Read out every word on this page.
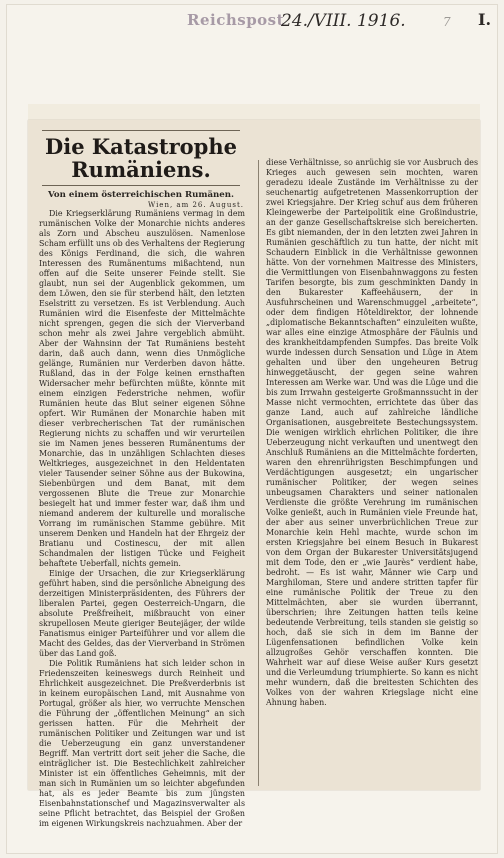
Reichspost
24./VIII. 1916.	7 I.

Die Katastrophe

Rumäniens.

Von einem österreichischen Rumänen.

Wien, am 26. August.

Die Kriegserklärung Rumäniens vermag in dem rumänischen Volke der Monarchie nichts anderes als Zorn und Abscheu auszulösen. Namenlose Scham erfüllt uns ob des Verhaltens der Regierung des Königs Ferdinand, die sich, die wahren Interessen des Rumänentums mißachtend, nun offen auf die Seite unserer Feinde stellt. Sie glaubt, nun sei der Augenblick gekommen, um dem Löwen, den sie für sterbend hält, den letzten Eselstritt zu versetzen. Es ist Verblendung. Auch Rumänien wird die Eisenfeste der Mittelmächte nicht sprengen, gegen die sich der Vierverband schon mehr als zwei Jahre vergeblich abmüht. Aber der Wahnsinn der Tat Rumäniens besteht darin, daß auch dann, wenn dies Unmögliche gelänge, Rumänien nur Verderben davon hätte. Rußland, das in der Folge keinen ernsthaften Widersacher mehr befürchten müßte, könnte mit einem einzigen Federstriche nehmen, wofür Rumänien heute das Blut seiner eigenen Söhne opfert. Wir Rumänen der Monarchie haben mit dieser verbrecherischen Tat der rumänischen Regierung nichts zu schaffen und wir verurteilen sie im Namen jenes besseren Rumänentums der Monarchie, das in unzähligen Schlachten dieses Weltkrieges, ausgezeichnet in den Heldentaten vieler Tausender seiner Söhne aus der Bukowina, Siebenbürgen und dem Banat, mit dem vergossenen Blute die Treue zur Monarchie besiegelt hat und immer fester war, daß ihm und niemand anderem der kulturelle und moralische Vorrang im rumänischen Stamme gebühre. Mit unserem Denken und Handeln hat der Ehrgeiz der Bratianu und Costinescu, der mit allen Schandmalen der listigen Tücke und Feigheit behaftete Ueberfall, nichts gemein.

Einige der Ursachen, die zur Kriegserklärung geführt haben, sind die persönliche Abneigung des derzeitigen Ministerpräsidenten, des Führers der liberalen Partei, gegen Oesterreich-Ungarn, die absolute Preßfreiheit, mißbraucht von einer skrupellosen Meute gieriger Beutejäger, der wilde Fanatismus einiger Parteiführer und vor allem die Macht des Geldes, das der Vierverband in Strömen über das Land goß.

Die Politik Rumäniens hat sich leider schon in Friedenszeiten keineswegs durch Reinheit und Ehrlichkeit ausgezeichnet. Die Preßverderbnis ist in keinem europäischen Land, mit Ausnahme von Portugal, größer als hier, wo verruchte Menschen die Führung der „öffentlichen Meinung“ an sich gerissen hatten. Für die Mehrheit der rumänischen Politiker und Zeitungen war und ist die Ueberzeugung ein ganz unverstandener Begriff. Man vertritt dort seit jeher die Sache, die einträglicher ist. Die Bestechlichkeit zahlreicher Minister ist ein öffentliches Geheimnis, mit der man sich in Rumänien um so leichter abgefunden hat, als es jeder Beamte bis zum jüngsten Eisenbahnstationschef und Magazinsverwalter als seine Pflicht betrachtet, das Beispiel der Großen im eigenen Wirkungskreis nachzuahmen. Aber der

diese Verhältnisse, so anrüchig sie vor Ausbruch des Krieges auch gewesen sein mochten, waren geradezu ideale Zustände im Verhältnisse zu der seuchenartig aufgetretenen Massenkorruption der zwei Kriegsjahre. Der Krieg schuf aus dem früheren Kleingewerbe der Parteipolitik eine Großindustrie, an der ganze Gesellschaftskreise sich bereicherten. Es gibt niemanden, der in den letzten zwei Jahren in Rumänien geschäftlich zu tun hatte, der nicht mit Schaudern Einblick in die Verhältnisse gewonnen hätte. Von der vornehmen Maitresse des Ministers, die Vermittlungen von Eisenbahnwaggons zu festen Tarifen besorgte, bis zum geschminkten Dandy in den Bukarester Kaffeehäusern, der in Ausfuhrscheinen und Warenschmuggel „arbeitete“, oder dem findigen Hôteldirektor, der lohnende „diplomatische Bekanntschaften“ einzuleiten wußte, war alles eine einzige Atmosphäre der Fäulnis und des krankheitdampfenden Sumpfes. Das breite Volk wurde indessen durch Sensation und Lüge in Atem gehalten und über den ungeheuren Betrug hinweggetäuscht, der gegen seine wahren Interessen am Werke war. Und was die Lüge und die bis zum Irrwahn gesteigerte Großmannssucht in der Masse nicht vermochten, errichtete das über das ganze Land, auch auf zahlreiche ländliche Organisationen, ausgebreitete Bestechungssystem. Die wenigen wirklich ehrlichen Politiker, die ihre Ueberzeugung nicht verkauften und unentwegt den Anschluß Rumäniens an die Mittelmächte forderten, waren den ehrenrührigsten Beschimpfungen und Verdächtigungen ausgesetzt; ein ungarischer rumänischer Politiker, der wegen seines unbeugsamen Charakters und seiner nationalen Verdienste die größte Verehrung im rumänischen Volke genießt, auch in Rumänien viele Freunde hat, der aber aus seiner unverbrüchlichen Treue zur Monarchie kein Hehl machte, wurde schon im ersten Kriegsjahre bei einem Besuch in Bukarest von dem Organ der Bukarester Universitätsjugend mit dem Tode, den er „wie Jaurès“ verdient habe, bedroht. — Es ist wahr, Männer wie Carp und Marghiloman, Stere und andere stritten tapfer für eine rumänische Politik der Treue zu den Mittelmächten, aber sie wurden überrannt, überschrien; ihre Zeitungen hatten teils keine bedeutende Verbreitung, teils standen sie geistig so hoch, daß sie sich in dem im Banne der Lügenfensationen befindlichen Volke kein allzugroßes Gehör verschaffen konnten. Die Wahrheit war auf diese Weise außer Kurs gesetzt und die Verleumdung triumphierte. So kann es nicht mehr wundern, daß die breitesten Schichten des Volkes von der wahren Kriegslage nicht eine Ahnung haben.
